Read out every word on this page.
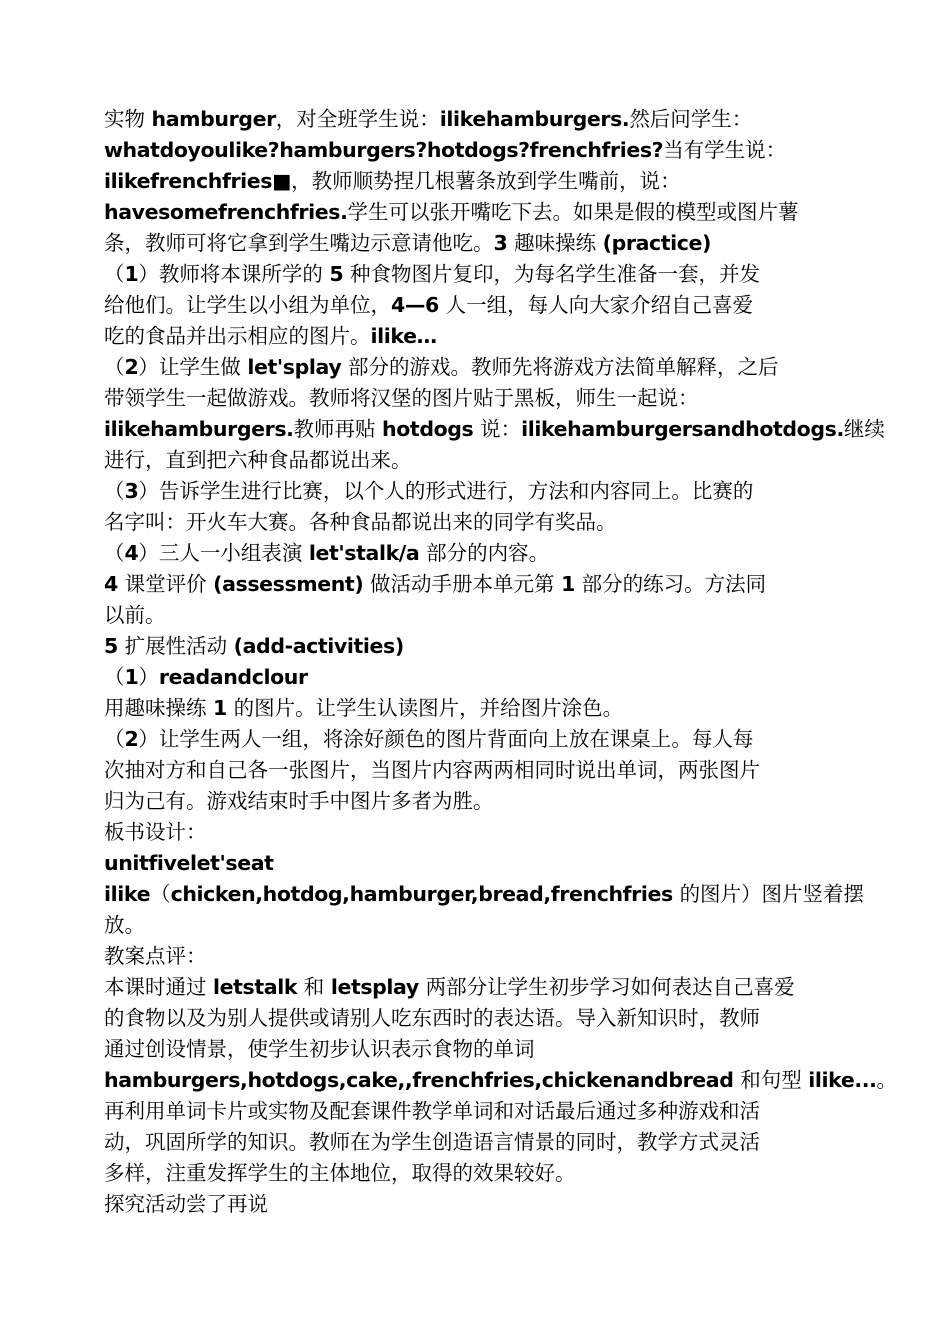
实物 hamburger，对全班学生说：ilikehamburgers.然后问学生：
whatdoyoulike?hamburgers?hotdogs?frenchfries?当有学生说：
ilikefrenchfries■，教师顺势捏几根薯条放到学生嘴前，说：
havesomefrenchfries.学生可以张开嘴吃下去。如果是假的模型或图片薯
条，教师可将它拿到学生嘴边示意请他吃。3 趣味操练 (practice)
（1）教师将本课所学的 5 种食物图片复印，为每名学生准备一套，并发
给他们。让学生以小组为单位，4—6 人一组，每人向大家介绍自己喜爱
吃的食品并出示相应的图片。ilike…
（2）让学生做 let'splay 部分的游戏。教师先将游戏方法简单解释，之后
带领学生一起做游戏。教师将汉堡的图片贴于黑板，师生一起说：
ilikehamburgers.教师再贴 hotdogs 说：ilikehamburgersandhotdogs.继续
进行，直到把六种食品都说出来。
（3）告诉学生进行比赛，以个人的形式进行，方法和内容同上。比赛的
名字叫：开火车大赛。各种食品都说出来的同学有奖品。
（4）三人一小组表演 let'stalk/a 部分的内容。
4 课堂评价 (assessment) 做活动手册本单元第 1 部分的练习。方法同
以前。
5 扩展性活动 (add-activities)
（1）readandclour
用趣味操练 1 的图片。让学生认读图片，并给图片涂色。
（2）让学生两人一组，将涂好颜色的图片背面向上放在课桌上。每人每
次抽对方和自己各一张图片，当图片内容两两相同时说出单词，两张图片
归为己有。游戏结束时手中图片多者为胜。
板书设计：
unitfivelet'seat
ilike（chicken,hotdog,hamburger,bread,frenchfries 的图片）图片竖着摆
放。
教案点评：
本课时通过 letstalk 和 letsplay 两部分让学生初步学习如何表达自己喜爱
的食物以及为别人提供或请别人吃东西时的表达语。导入新知识时，教师
通过创设情景，使学生初步认识表示食物的单词
hamburgers,hotdogs,cake,,frenchfries,chickenandbread 和句型 ilike...。
再利用单词卡片或实物及配套课件教学单词和对话最后通过多种游戏和活
动，巩固所学的知识。教师在为学生创造语言情景的同时，教学方式灵活
多样，注重发挥学生的主体地位，取得的效果较好。
探究活动尝了再说
